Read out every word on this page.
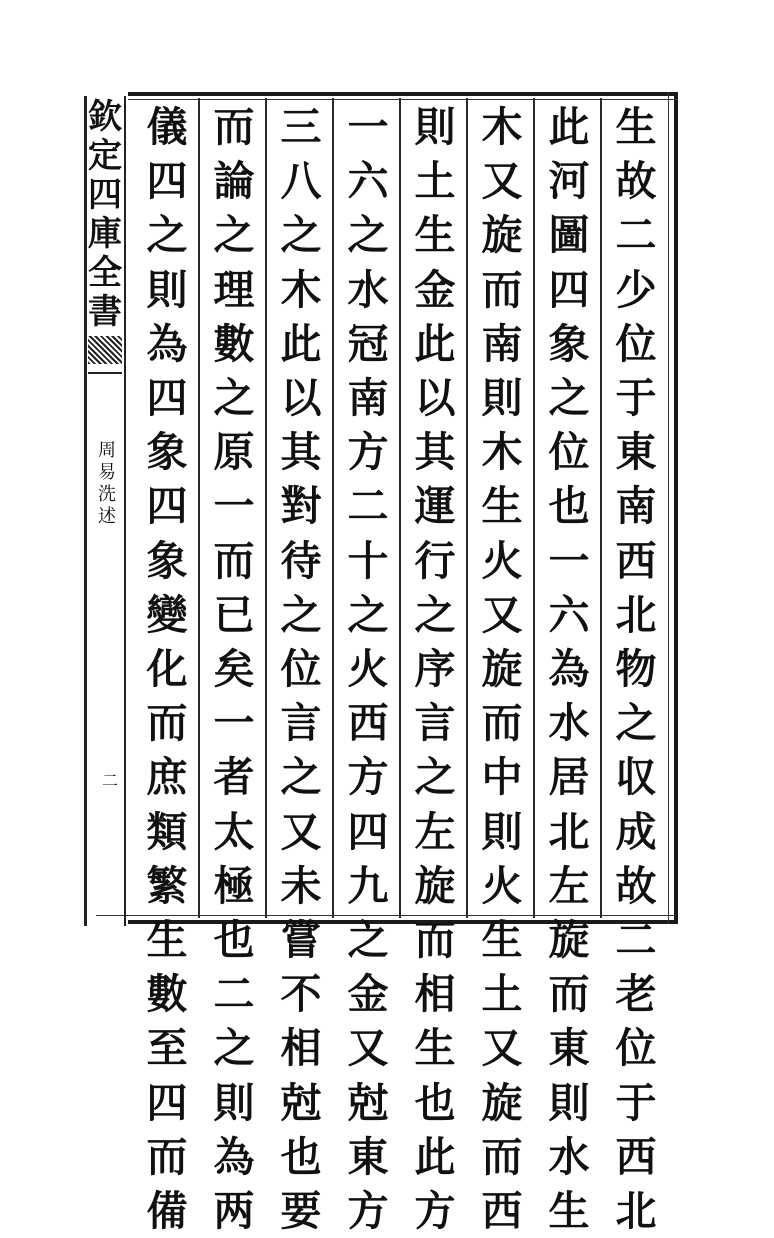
欽
定
四
庫
全
書
周
易
洗
述
二
生
故
二
少
位
于
東
南
西
北
物
之
収
成
故
二
老
位
于
西
北
此
河
圖
四
象
之
位
也
一
六
為
水
居
北
左
旋
而
東
則
水
生
木
又
旋
而
南
則
木
生
火
又
旋
而
中
則
火
生
土
又
旋
而
西
則
土
生
金
此
以
其
運
行
之
序
言
之
左
旋
而
相
生
也
此
方
一
六
之
水
冠
南
方
二
十
之
火
西
方
四
九
之
金
又
尅
東
方
三
八
之
木
此
以
其
對
待
之
位
言
之
又
未
嘗
不
相
尅
也
要
而
論
之
理
數
之
原
一
而
已
矣
一
者
太
極
也
二
之
則
為
两
儀
四
之
則
為
四
象
四
象
變
化
而
庶
類
繁
生
數
至
四
而
備
